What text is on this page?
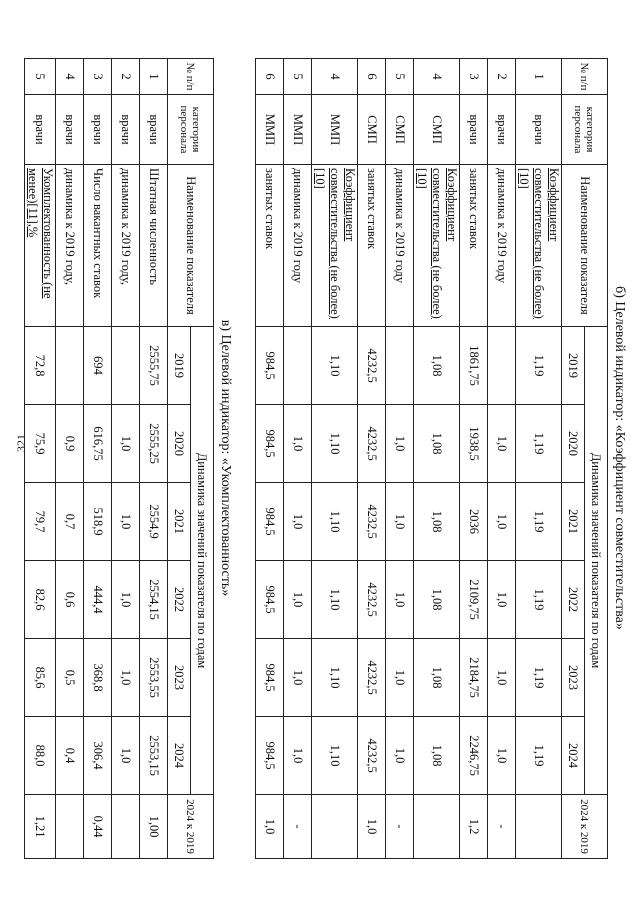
321	б) Целевой индикатор: «Коэффициент совместительства»
№ п/п	категория персонала	Наименование показателя	Динамика значений показателя по годам						2024 к 2019
			2019	2020	2021	2022	2023	2024	
1	врачи	Коэффициент совместительства (не более) [10]	1,19	1,19	1,19	1,19	1,19	1,19	
2	врачи	динамика к 2019 году		1,0	1,0	1,0	1,0	1,0	-
3	врачи	занятых ставок	1861,75	1938,5	2036	2109,75	2184,75	2246,75	1,2
4	СМП	Коэффициент совместительства (не более) [10]	1,08	1,08	1,08	1,08	1,08	1,08	
5	СМП	динамика к 2019 году		1,0	1,0	1,0	1,0	1,0	-
6	СМП	занятых ставок	4232,5	4232,5	4232,5	4232,5	4232,5	4232,5	1,0
4	ММП	Коэффициент совместительства (не более) [10]	1,10	1,10	1,10	1,10	1,10	1,10	
5	ММП	динамика к 2019 году		1,0	1,0	1,0	1,0	1,0	-
6	ММП	занятых ставок	984,5	984,5	984,5	984,5	984,5	984,5	1,0
в) Целевой индикатор: «Укомплектованность»
№ п/п	категория персонала	Наименование показателя	Динамика значений показателя по годам						2024 к 2019
			2019	2020	2021	2022	2023	2024	
1	врачи	Штатная численность	2555,75	2555,25	2554,9	2554,15	2553,55	2553,15	1,00
2	врачи	динамика к 2019 году,		1,0	1,0	1,0	1,0	1,0	
3	врачи	Число вакантных ставок	694	616,75	518,9	444,4	368,8	306,4	0,44
4	врачи	динамика к 2019 году,		0,9	0,7	0,6	0,5	0,4	
5	врачи	Укомплектованность (не менее)[11],%	72,8	75,9	79,7	82,6	85,6	88,0	1,21
